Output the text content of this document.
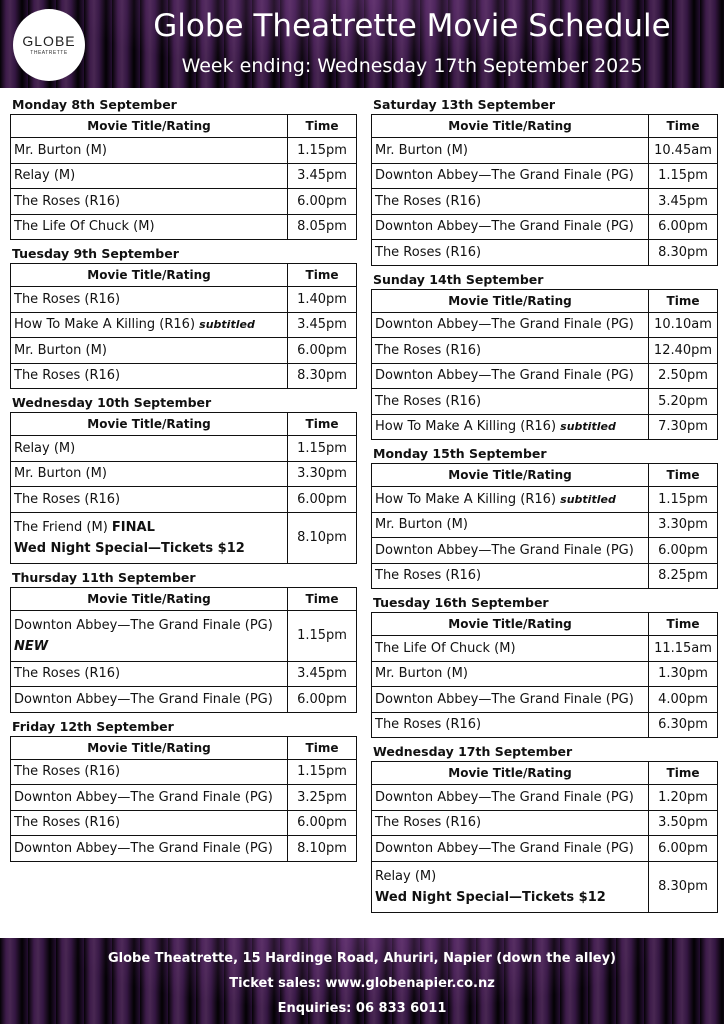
GLOBE
THEATRETTE
Globe Theatrette Movie Schedule
Week ending: Wednesday 17th September 2025
Monday 8th September
Movie Title/Rating	Time
Mr. Burton (M)	1.15pm
Relay (M)	3.45pm
The Roses (R16)	6.00pm
The Life Of Chuck (M)	8.05pm
Tuesday 9th September
Movie Title/Rating	Time
The Roses (R16)	1.40pm
How To Make A Killing (R16) subtitled	3.45pm
Mr. Burton (M)	6.00pm
The Roses (R16)	8.30pm
Wednesday 10th September
Movie Title/Rating	Time
Relay (M)	1.15pm
Mr. Burton (M)	3.30pm
The Roses (R16)	6.00pm
The Friend (M) FINAL
Wed Night Special—Tickets $12	8.10pm
Thursday 11th September
Movie Title/Rating	Time
Downton Abbey—The Grand Finale (PG)
NEW	1.15pm
The Roses (R16)	3.45pm
Downton Abbey—The Grand Finale (PG)	6.00pm
Friday 12th September
Movie Title/Rating	Time
The Roses (R16)	1.15pm
Downton Abbey—The Grand Finale (PG)	3.25pm
The Roses (R16)	6.00pm
Downton Abbey—The Grand Finale (PG)	8.10pm
Saturday 13th September
Movie Title/Rating	Time
Mr. Burton (M)	10.45am
Downton Abbey—The Grand Finale (PG)	1.15pm
The Roses (R16)	3.45pm
Downton Abbey—The Grand Finale (PG)	6.00pm
The Roses (R16)	8.30pm
Sunday 14th September
Movie Title/Rating	Time
Downton Abbey—The Grand Finale (PG)	10.10am
The Roses (R16)	12.40pm
Downton Abbey—The Grand Finale (PG)	2.50pm
The Roses (R16)	5.20pm
How To Make A Killing (R16) subtitled	7.30pm
Monday 15th September
Movie Title/Rating	Time
How To Make A Killing (R16) subtitled	1.15pm
Mr. Burton (M)	3.30pm
Downton Abbey—The Grand Finale (PG)	6.00pm
The Roses (R16)	8.25pm
Tuesday 16th September
Movie Title/Rating	Time
The Life Of Chuck (M)	11.15am
Mr. Burton (M)	1.30pm
Downton Abbey—The Grand Finale (PG)	4.00pm
The Roses (R16)	6.30pm
Wednesday 17th September
Movie Title/Rating	Time
Downton Abbey—The Grand Finale (PG)	1.20pm
The Roses (R16)	3.50pm
Downton Abbey—The Grand Finale (PG)	6.00pm
Relay (M)
Wed Night Special—Tickets $12	8.30pm
Globe Theatrette, 15 Hardinge Road, Ahuriri, Napier (down the alley)
Ticket sales: www.globenapier.co.nz
Enquiries: 06 833 6011
